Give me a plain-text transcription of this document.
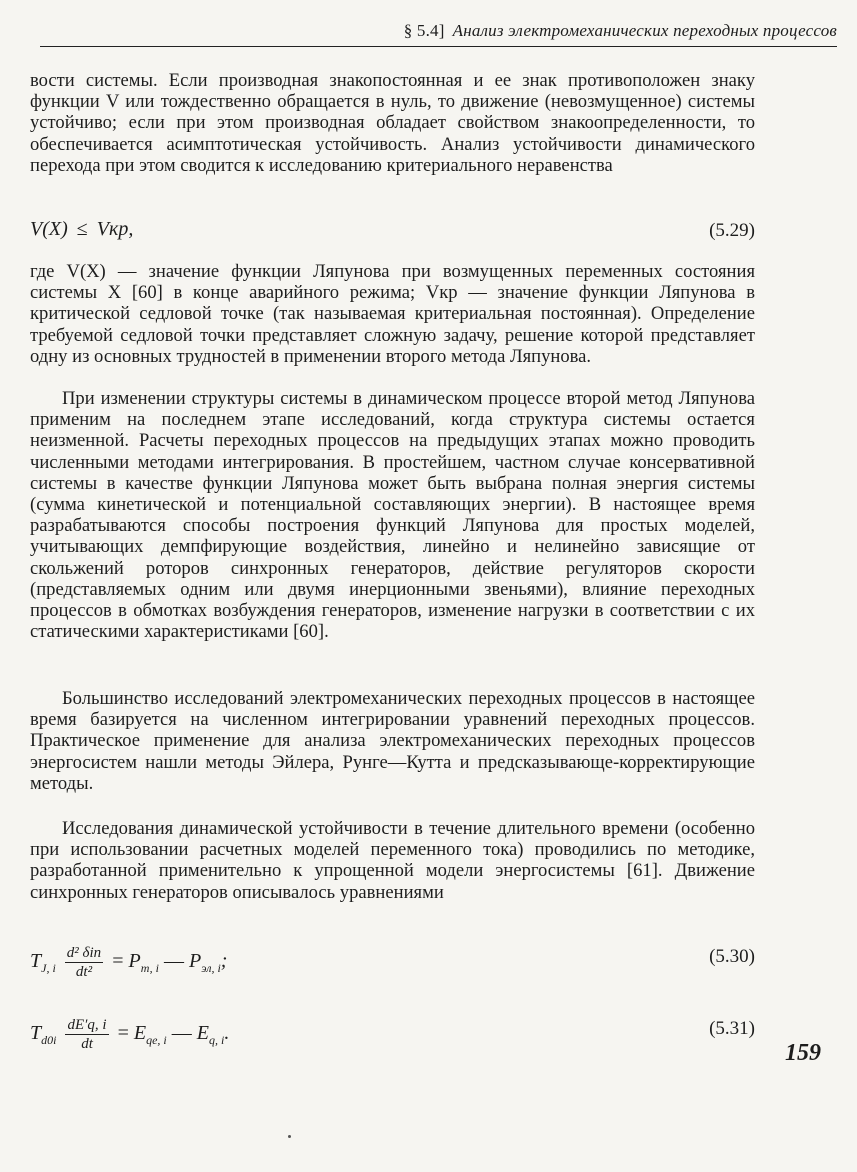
§ 5.4] Анализ электромеханических переходных процессов

вости системы. Если производная знакопостоянная и ее знак противоположен знаку функции V или тождественно обращается в нуль, то движение (невозмущенное) системы устойчиво; если при этом производная обладает свойством знакоопределенности, то обеспечивается асимптотическая устойчивость. Анализ устойчивости динамического перехода при этом сводится к исследованию критериального неравенства

V(X) ≤ Vкр,	(5.29)

где V(X) — значение функции Ляпунова при возмущенных переменных состояния системы X [60] в конце аварийного режима; Vкр — значение функции Ляпунова в критической седловой точке (так называемая критериальная постоянная). Определение требуемой седловой точки представляет сложную задачу, решение которой представляет одну из основных трудностей в применении второго метода Ляпунова.

При изменении структуры системы в динамическом процессе второй метод Ляпунова применим на последнем этапе исследований, когда структура системы остается неизменной. Расчеты переходных процессов на предыдущих этапах можно проводить численными методами интегрирования. В простейшем, частном случае консервативной системы в качестве функции Ляпунова может быть выбрана полная энергия системы (сумма кинетической и потенциальной составляющих энергии). В настоящее время разрабатываются способы построения функций Ляпунова для простых моделей, учитывающих демпфирующие воздействия, линейно и нелинейно зависящие от скольжений роторов синхронных генераторов, действие регуляторов скорости (представляемых одним или двумя инерционными звеньями), влияние переходных процессов в обмотках возбуждения генераторов, изменение нагрузки в соответствии с их статическими характеристиками [60].

Большинство исследований электромеханических переходных процессов в настоящее время базируется на численном интегрировании уравнений переходных процессов. Практическое применение для анализа электромеханических переходных процессов энергосистем нашли методы Эйлера, Рунге—Кутта и предсказывающе-корректирующие методы.

Исследования динамической устойчивости в течение длительного времени (особенно при использовании расчетных моделей переменного тока) проводились по методике, разработанной применительно к упрощенной модели энергосистемы [61]. Движение синхронных генераторов описывалось уравнениями

$T_{J, i} \frac{\text{d² δin}}{\text{dt²}} = P_{т, i}$ — $P_{эл, i}$;	(5.30)
$T_{d0i} \frac{dE'q, i}{dt} = E_{qe, i}$ — $E_{q, i}$.	(5.31)
159
